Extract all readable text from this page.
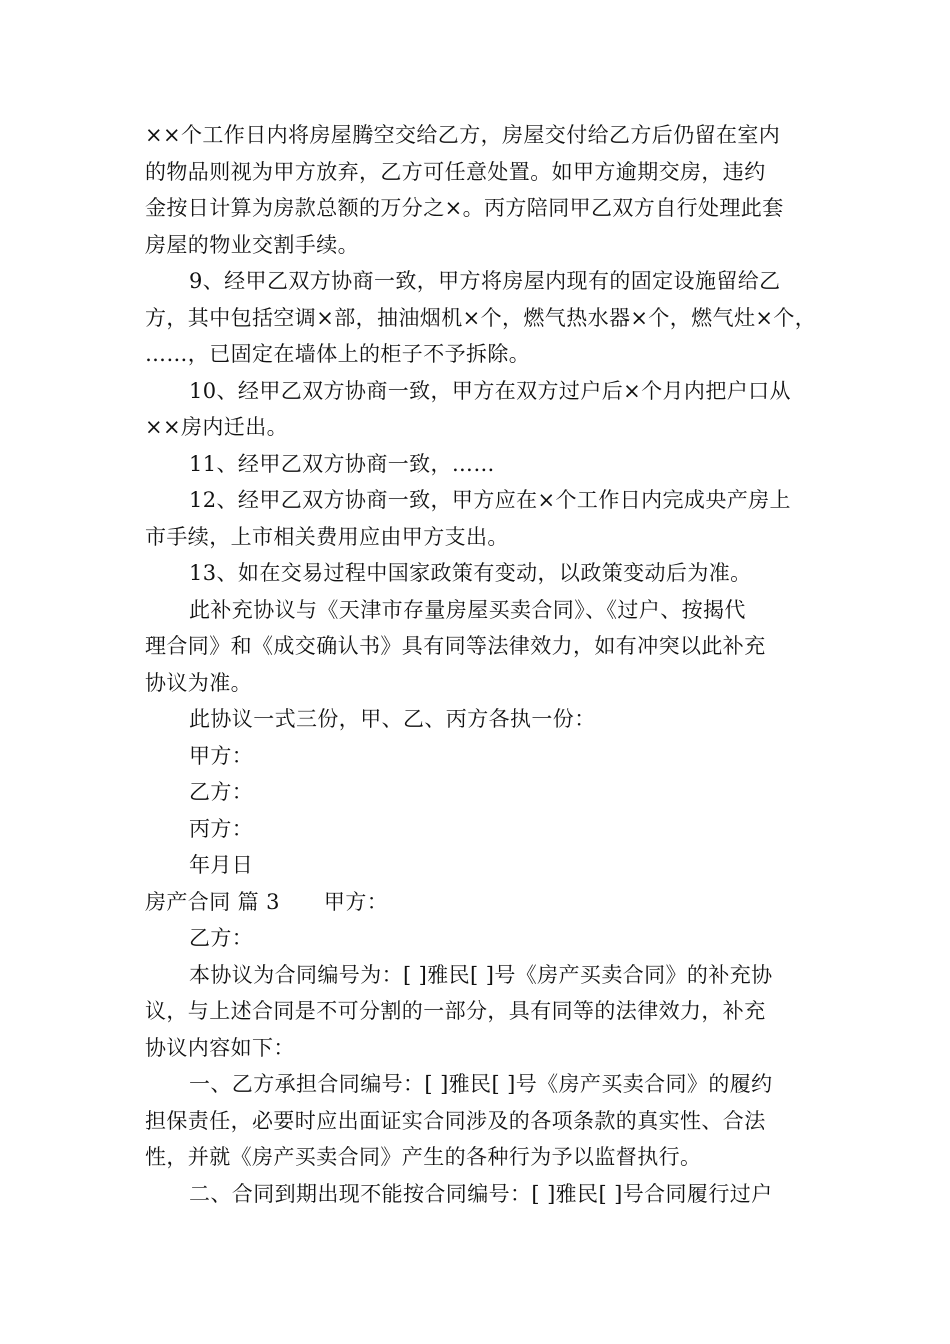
××个工作日内将房屋腾空交给乙方，房屋交付给乙方后仍留在室内
的物品则视为甲方放弃，乙方可任意处置。如甲方逾期交房，违约
金按日计算为房款总额的万分之×。丙方陪同甲乙双方自行处理此套
房屋的物业交割手续。
9、经甲乙双方协商一致，甲方将房屋内现有的固定设施留给乙
方，其中包括空调×部，抽油烟机×个，燃气热水器×个，燃气灶×个，
……，已固定在墙体上的柜子不予拆除。
10、经甲乙双方协商一致，甲方在双方过户后×个月内把户口从
××房内迁出。
11、经甲乙双方协商一致，……
12、经甲乙双方协商一致，甲方应在×个工作日内完成央产房上
市手续，上市相关费用应由甲方支出。
13、如在交易过程中国家政策有变动，以政策变动后为准。
此补充协议与《天津市存量房屋买卖合同》、《过户、按揭代
理合同》和《成交确认书》具有同等法律效力，如有冲突以此补充
协议为准。
此协议一式三份，甲、乙、丙方各执一份：
甲方：
乙方：
丙方：
年月日
房产合同 篇 3 甲方：
乙方：
本协议为合同编号为：[ ]雅民[ ]号《房产买卖合同》的补充协
议，与上述合同是不可分割的一部分，具有同等的法律效力，补充
协议内容如下：
一、乙方承担合同编号：[ ]雅民[ ]号《房产买卖合同》的履约
担保责任，必要时应出面证实合同涉及的各项条款的真实性、合法
性，并就《房产买卖合同》产生的各种行为予以监督执行。
二、合同到期出现不能按合同编号：[ ]雅民[ ]号合同履行过户
